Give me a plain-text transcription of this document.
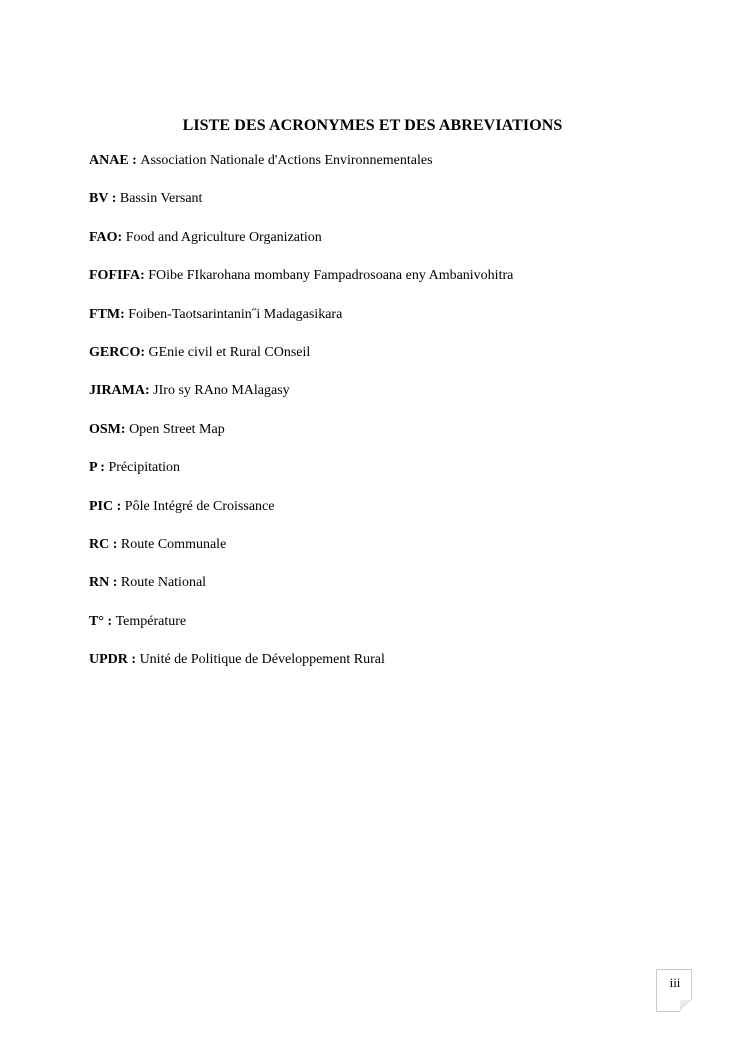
LISTE DES ACRONYMES ET DES ABREVIATIONS
ANAE : Association Nationale d'Actions Environnementales
BV : Bassin Versant
FAO: Food and Agriculture Organization
FOFIFA: FOibe FIkarohana mombany Fampadrosoana eny Ambanivohitra
FTM: Foiben-Taotsarintanin˝i Madagasikara
GERCO: GEnie civil et Rural COnseil
JIRAMA: JIro sy RAno MAlagasy
OSM: Open Street Map
P : Précipitation
PIC : Pôle Intégré de Croissance
RC : Route Communale
RN : Route National
T° : Température
UPDR : Unité de Politique de Développement Rural
iii
